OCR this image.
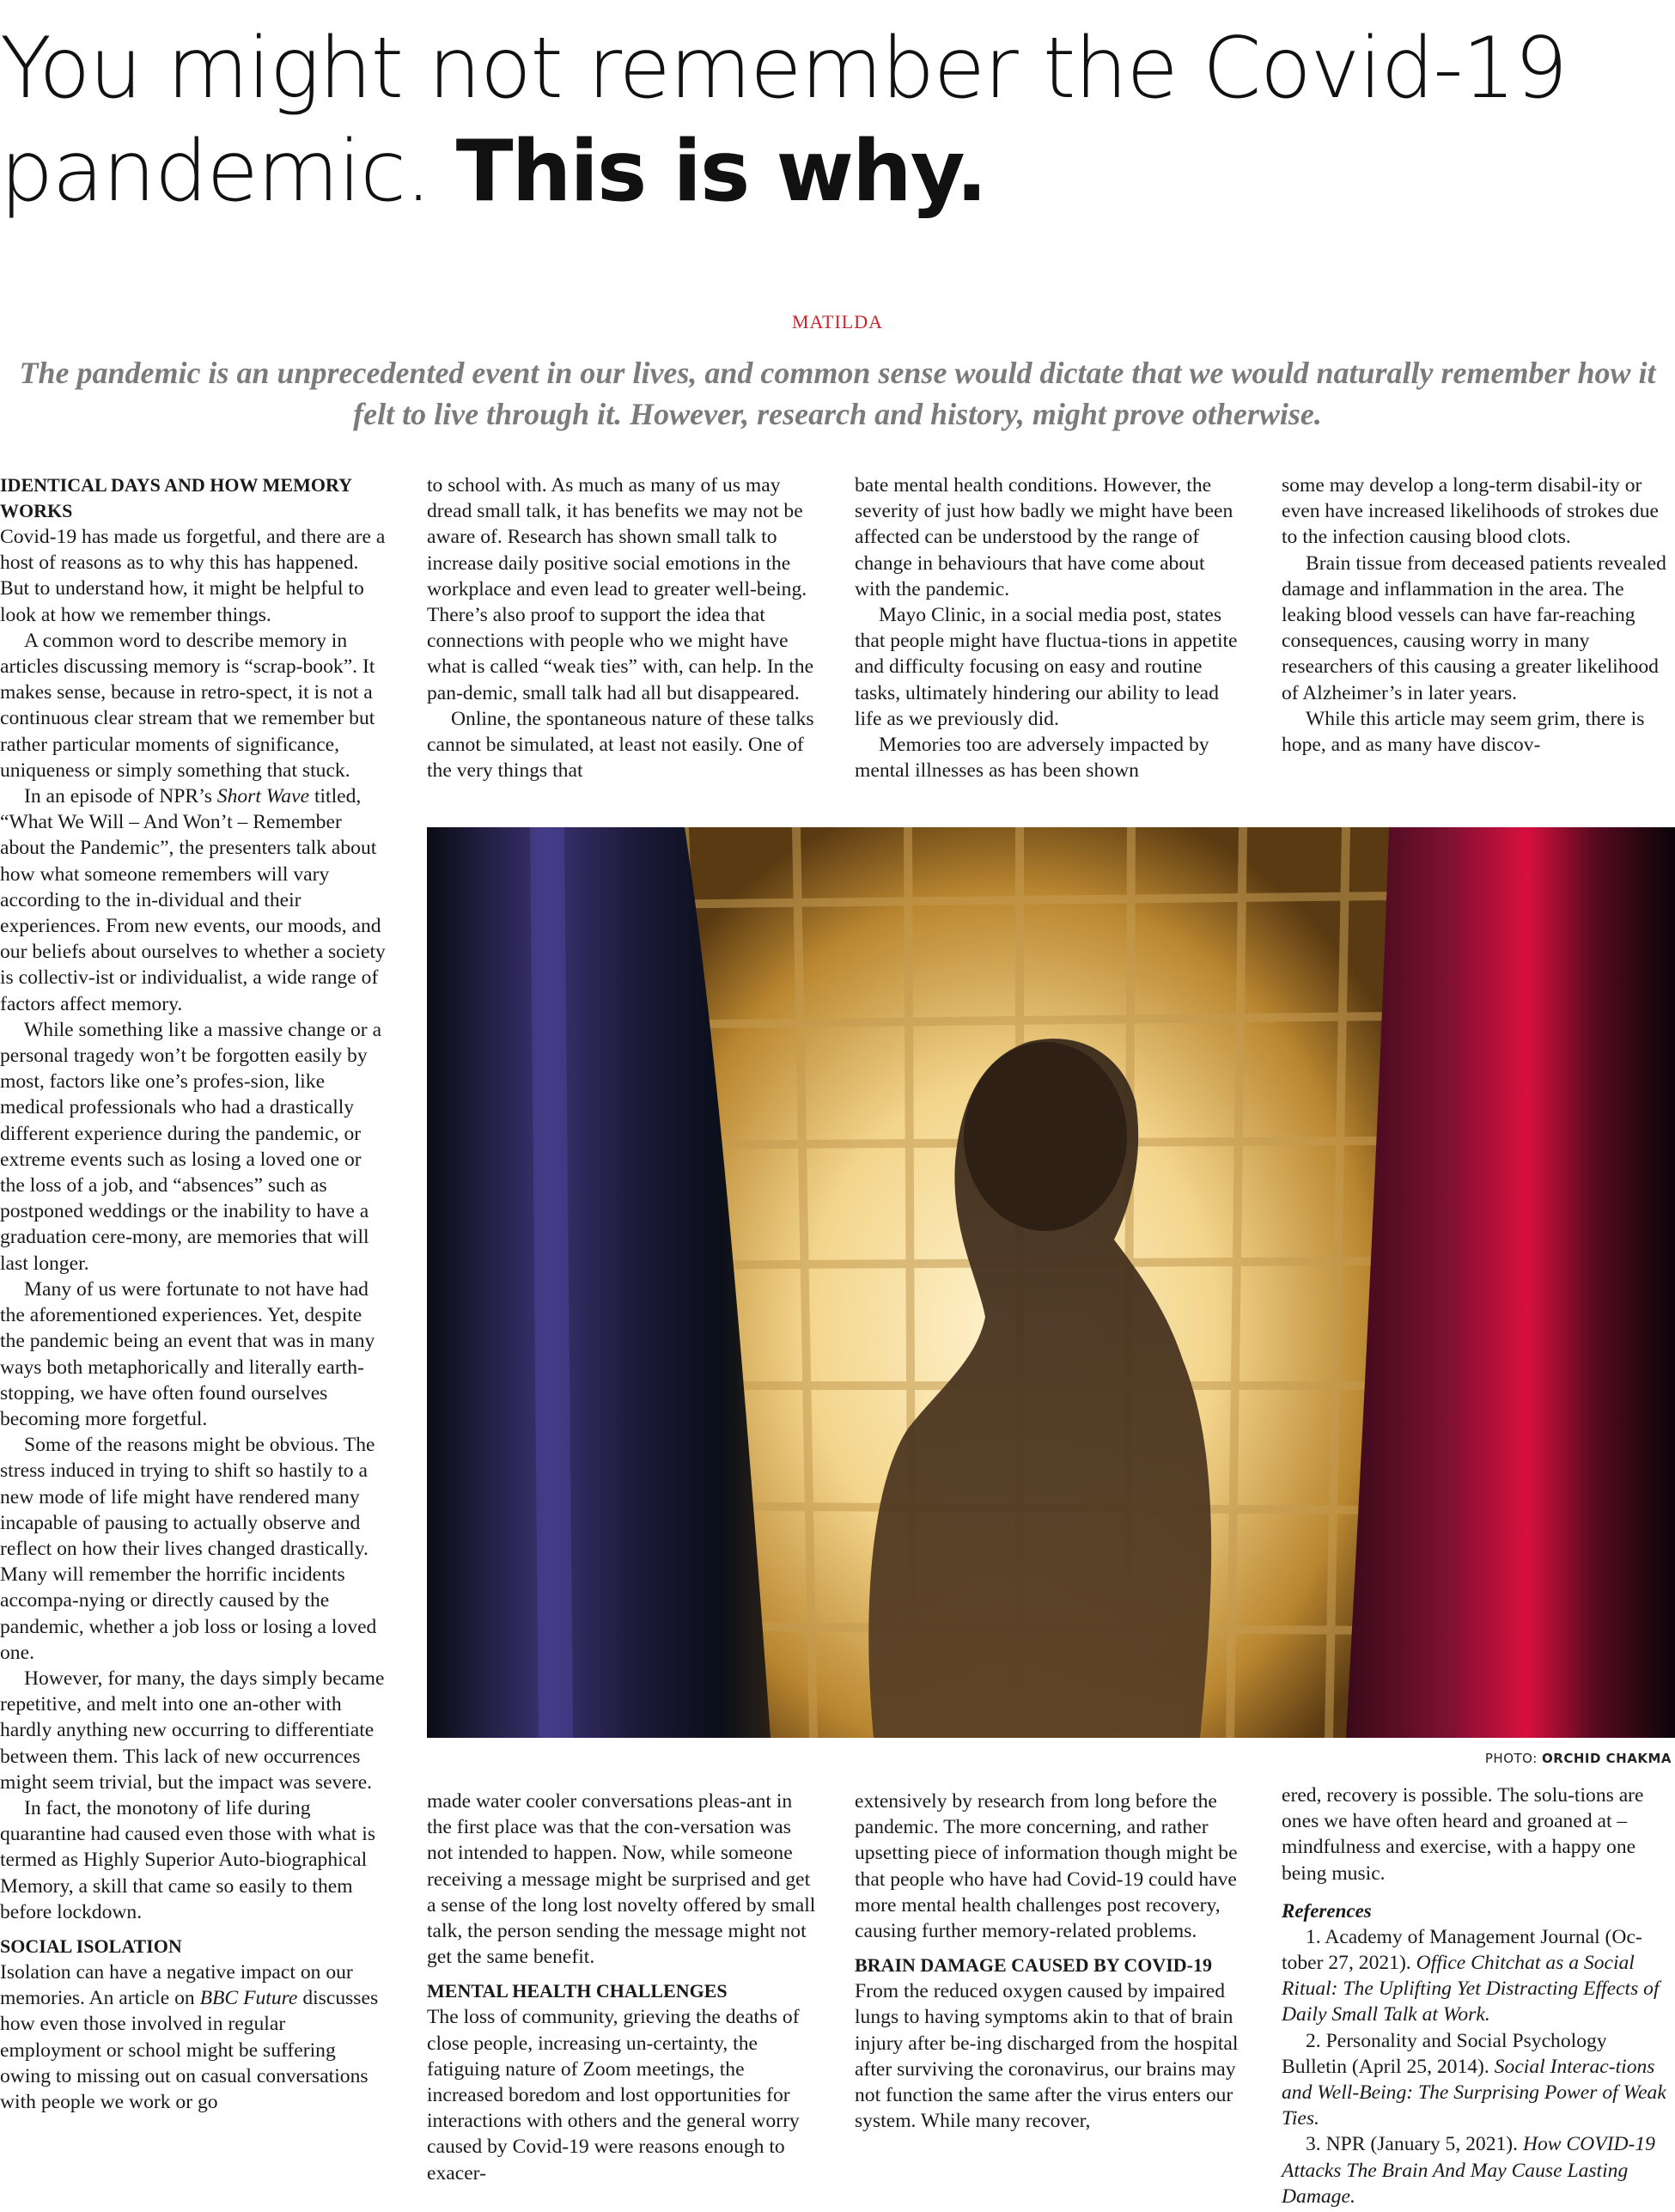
You might not remember the Covid-19 pandemic. This is why.
MATILDA
The pandemic is an unprecedented event in our lives, and common sense would dictate that we would naturally remember how it felt to live through it. However, research and history, might prove otherwise.
IDENTICAL DAYS AND HOW MEMORY WORKS

Covid-19 has made us forgetful, and there are a host of reasons as to why this has happened. But to understand how, it might be helpful to look at how we remember things.

A common word to describe memory in articles discussing memory is “scrap-book”. It makes sense, because in retro-spect, it is not a continuous clear stream that we remember but rather particular moments of significance, uniqueness or simply something that stuck.

In an episode of NPR’s Short Wave titled, “What We Will – And Won’t – Remember about the Pandemic”, the presenters talk about how what someone remembers will vary according to the in-dividual and their experiences. From new events, our moods, and our beliefs about ourselves to whether a society is collectiv-ist or individualist, a wide range of factors affect memory.

While something like a massive change or a personal tragedy won’t be forgotten easily by most, factors like one’s profes-sion, like medical professionals who had a drastically different experience during the pandemic, or extreme events such as losing a loved one or the loss of a job, and “absences” such as postponed weddings or the inability to have a graduation cere-mony, are memories that will last longer.

Many of us were fortunate to not have had the aforementioned experiences. Yet, despite the pandemic being an event that was in many ways both metaphorically and literally earth-stopping, we have often found ourselves becoming more forgetful.

Some of the reasons might be obvious. The stress induced in trying to shift so hastily to a new mode of life might have rendered many incapable of pausing to actually observe and reflect on how their lives changed drastically. Many will remember the horrific incidents accompa-nying or directly caused by the pandemic, whether a job loss or losing a loved one.

However, for many, the days simply became repetitive, and melt into one an-other with hardly anything new occurring to differentiate between them. This lack of new occurrences might seem trivial, but the impact was severe.

In fact, the monotony of life during quarantine had caused even those with what is termed as Highly Superior Auto-biographical Memory, a skill that came so easily to them before lockdown.

SOCIAL ISOLATION

Isolation can have a negative impact on our memories. An article on BBC Future discusses how even those involved in regular employment or school might be suffering owing to missing out on casual conversations with people we work or go

to school with. As much as many of us may dread small talk, it has benefits we may not be aware of. Research has shown small talk to increase daily positive social emotions in the workplace and even lead to greater well-being. There’s also proof to support the idea that connections with people who we might have what is called “weak ties” with, can help. In the pan-demic, small talk had all but disappeared.

Online, the spontaneous nature of these talks cannot be simulated, at least not easily. One of the very things that

bate mental health conditions. However, the severity of just how badly we might have been affected can be understood by the range of change in behaviours that have come about with the pandemic.

Mayo Clinic, in a social media post, states that people might have fluctua-tions in appetite and difficulty focusing on easy and routine tasks, ultimately hindering our ability to lead life as we previously did.

Memories too are adversely impacted by mental illnesses as has been shown

some may develop a long-term disabil-ity or even have increased likelihoods of strokes due to the infection causing blood clots.

Brain tissue from deceased patients revealed damage and inflammation in the area. The leaking blood vessels can have far-reaching consequences, causing worry in many researchers of this causing a greater likelihood of Alzheimer’s in later years.

While this article may seem grim, there is hope, and as many have discov-

PHOTO: ORCHID CHAKMA

made water cooler conversations pleas-ant in the first place was that the con-versation was not intended to happen. Now, while someone receiving a message might be surprised and get a sense of the long lost novelty offered by small talk, the person sending the message might not get the same benefit.

MENTAL HEALTH CHALLENGES

The loss of community, grieving the deaths of close people, increasing un-certainty, the fatiguing nature of Zoom meetings, the increased boredom and lost opportunities for interactions with others and the general worry caused by Covid-19 were reasons enough to exacer-

extensively by research from long before the pandemic. The more concerning, and rather upsetting piece of information though might be that people who have had Covid-19 could have more mental health challenges post recovery, causing further memory-related problems.

BRAIN DAMAGE CAUSED BY COVID-19

From the reduced oxygen caused by impaired lungs to having symptoms akin to that of brain injury after be-ing discharged from the hospital after surviving the coronavirus, our brains may not function the same after the virus enters our system. While many recover,

ered, recovery is possible. The solu-tions are ones we have often heard and groaned at – mindfulness and exercise, with a happy one being music.

References

1. Academy of Management Journal (Oc-tober 27, 2021). Office Chitchat as a Social Ritual: The Uplifting Yet Distracting Effects of Daily Small Talk at Work.

2. Personality and Social Psychology Bulletin (April 25, 2014). Social Interac-tions and Well-Being: The Surprising Power of Weak Ties.

3. NPR (January 5, 2021). How COVID-19 Attacks The Brain And May Cause Lasting Damage.
